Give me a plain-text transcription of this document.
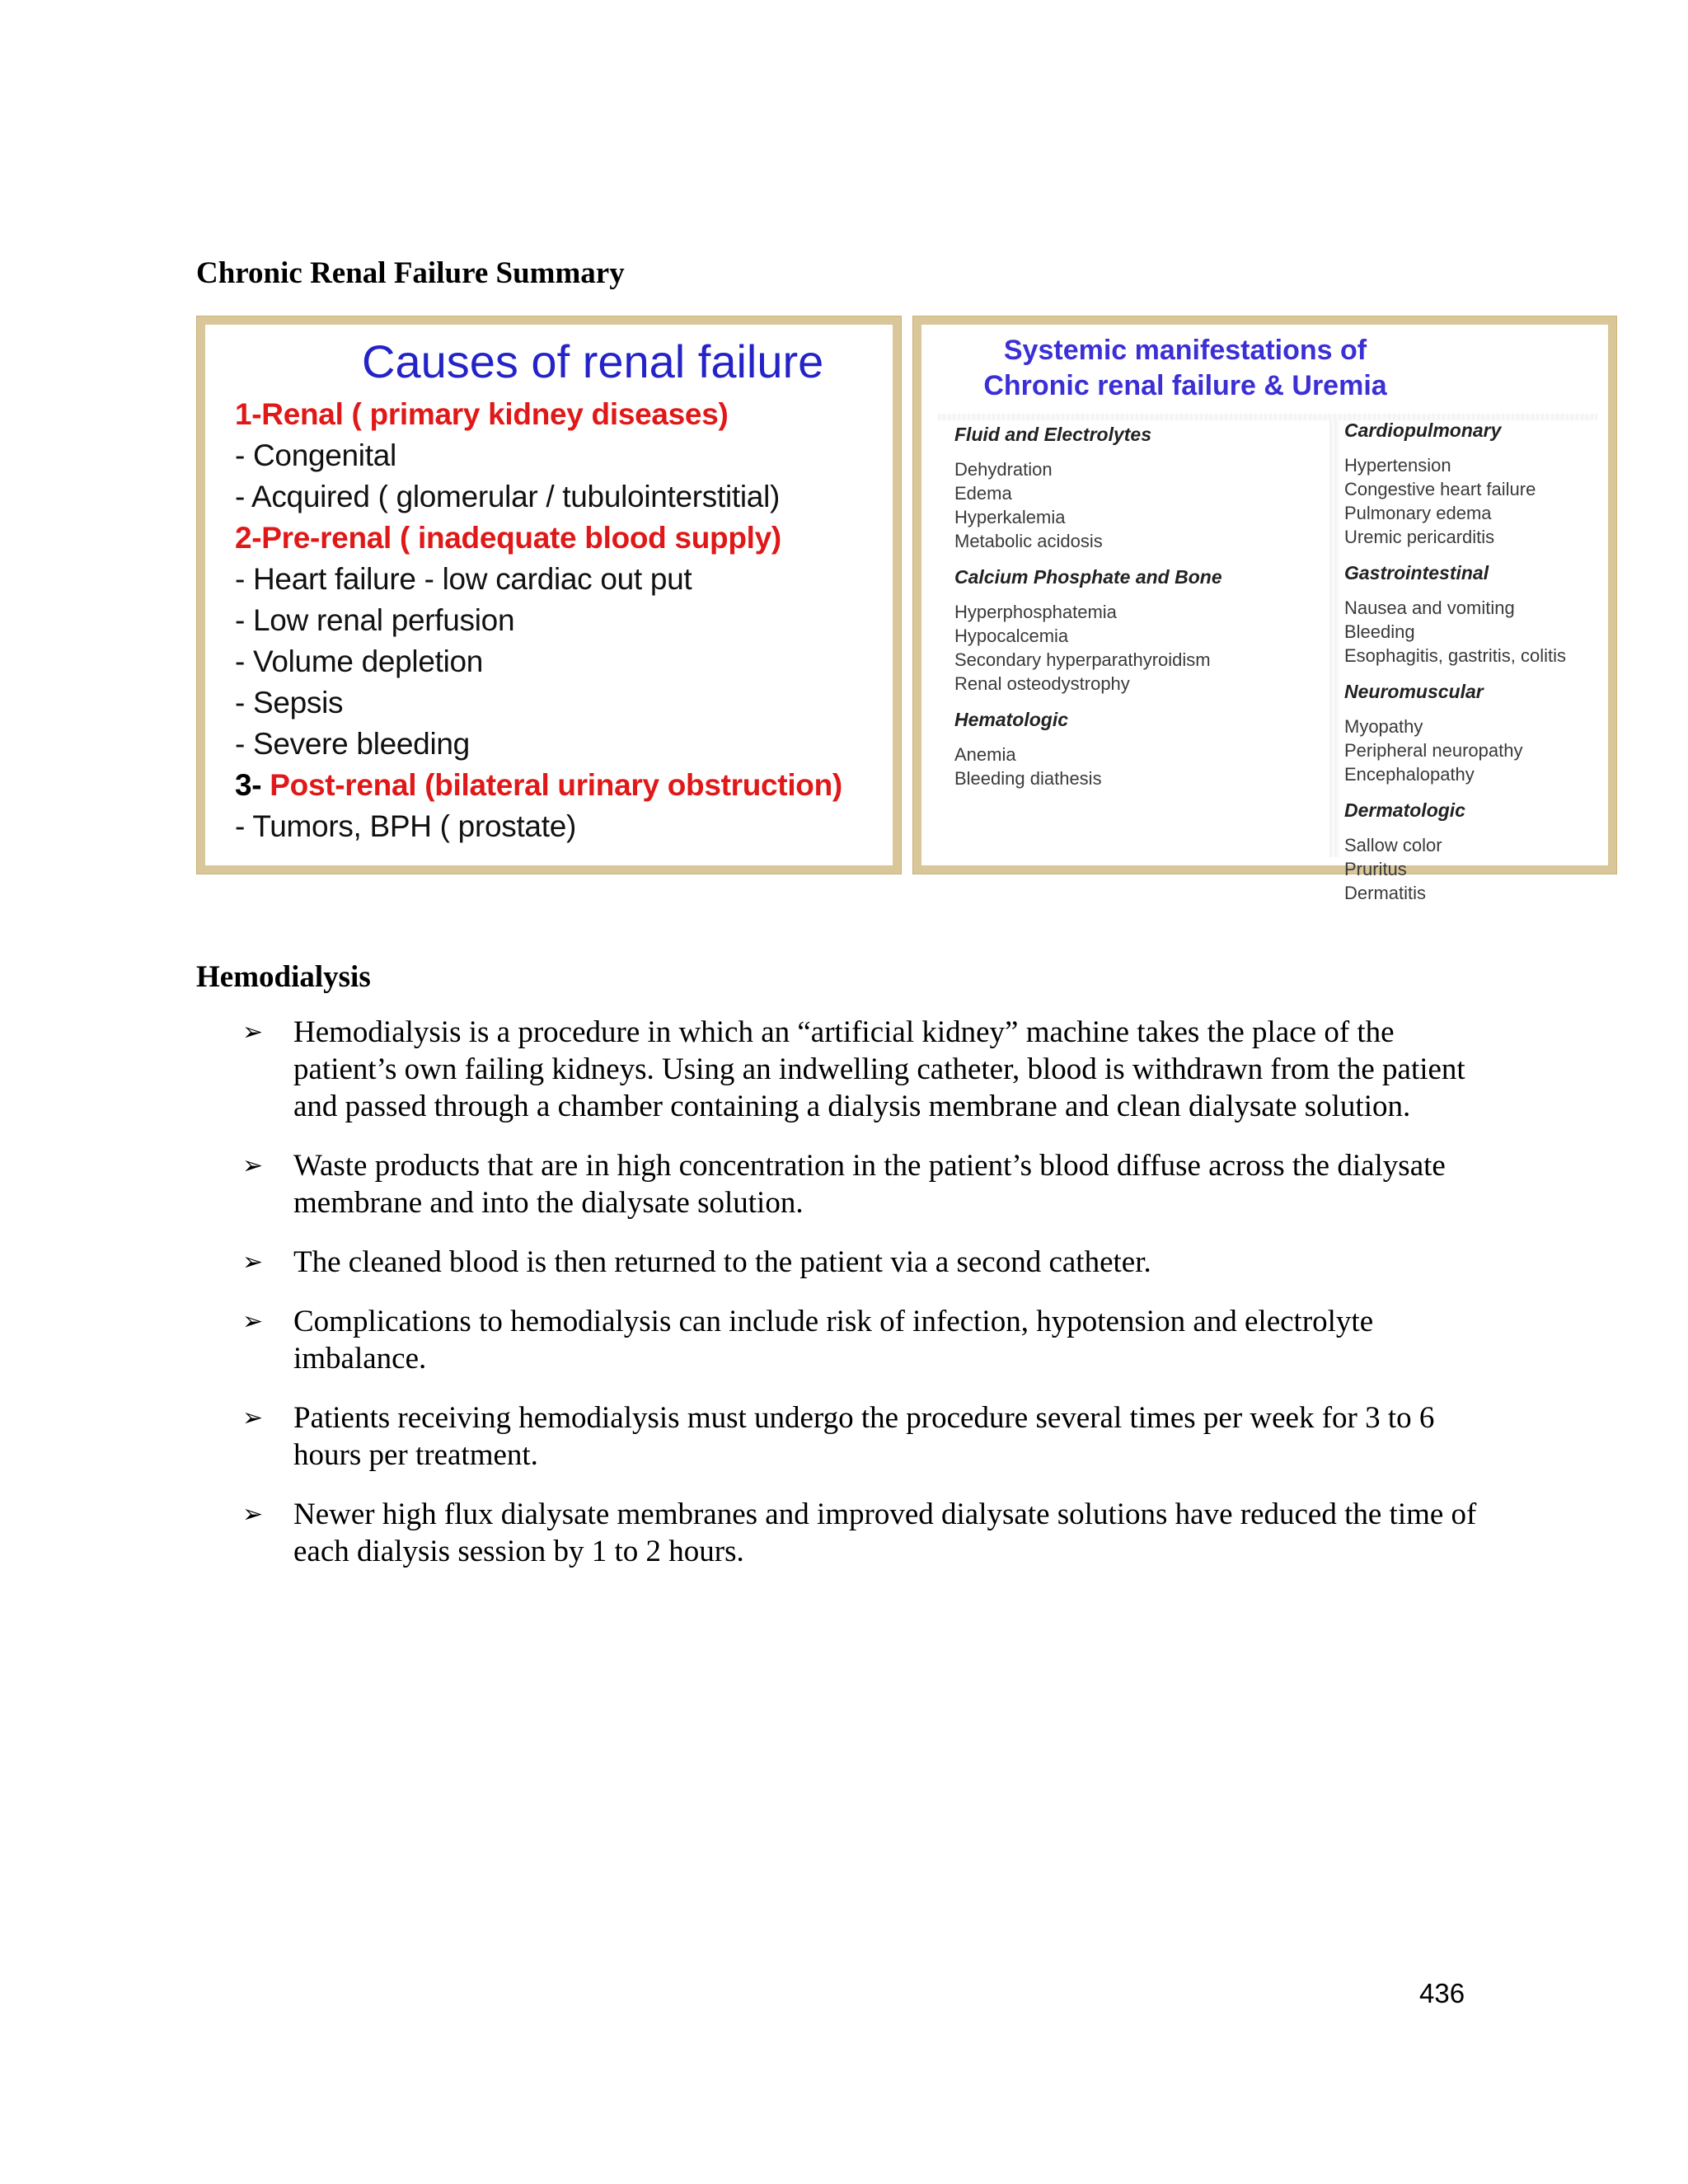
Chronic Renal Failure Summary
Causes of renal failure
1-Renal ( primary kidney diseases)
- Congenital
- Acquired ( glomerular / tubulointerstitial)
2-Pre-renal ( inadequate blood supply)
- Heart failure - low cardiac out put
- Low renal perfusion
- Volume depletion
- Sepsis
- Severe bleeding
3- Post-renal (bilateral urinary obstruction)
- Tumors, BPH ( prostate)
Systemic manifestations of
Chronic renal failure & Uremia

Fluid and Electrolytes

Dehydration

Edema

Hyperkalemia

Metabolic acidosis

Calcium Phosphate and Bone

Hyperphosphatemia

Hypocalcemia

Secondary hyperparathyroidism

Renal osteodystrophy

Hematologic

Anemia

Bleeding diathesis

Cardiopulmonary

Hypertension

Congestive heart failure

Pulmonary edema

Uremic pericarditis

Gastrointestinal

Nausea and vomiting

Bleeding

Esophagitis, gastritis, colitis

Neuromuscular

Myopathy

Peripheral neuropathy

Encephalopathy

Dermatologic

Sallow color

Pruritus

Dermatitis

Hemodialysis
➢ Hemodialysis is a procedure in which an “artificial kidney” machine takes the place of the patient’s own failing kidneys. Using an indwelling catheter, blood is withdrawn from the patient and passed through a chamber containing a dialysis membrane and clean dialysate solution.
➢ Waste products that are in high concentration in the patient’s blood diffuse across the dialysate membrane and into the dialysate solution.
➢ The cleaned blood is then returned to the patient via a second catheter.
➢ Complications to hemodialysis can include risk of infection, hypotension and electrolyte imbalance.
➢ Patients receiving hemodialysis must undergo the procedure several times per week for 3 to 6 hours per treatment.
➢ Newer high flux dialysate membranes and improved dialysate solutions have reduced the time of each dialysis session by 1 to 2 hours.
436
